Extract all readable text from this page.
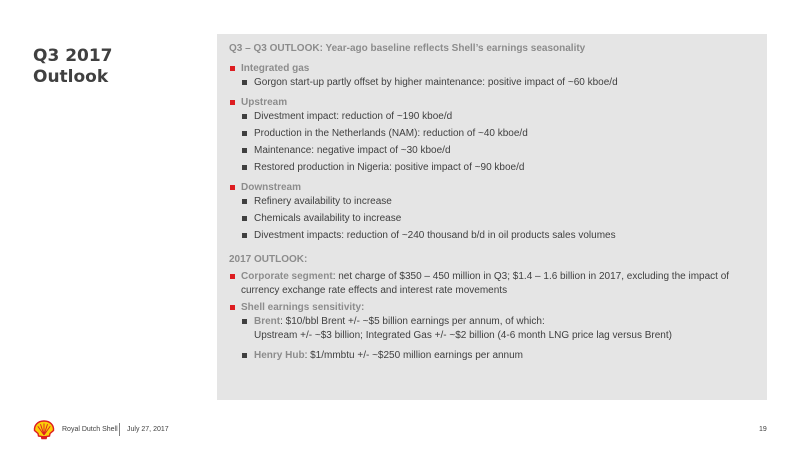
Q3 2017
Outlook
Q3 – Q3 OUTLOOK: Year-ago baseline reflects Shell’s earnings seasonality
Integrated gas
Gorgon start-up partly offset by higher maintenance: positive impact of ~60 kboe/d
Upstream
Divestment impact: reduction of ~190 kboe/d
Production in the Netherlands (NAM): reduction of ~40 kboe/d
Maintenance: negative impact of ~30 kboe/d
Restored production in Nigeria: positive impact of ~90 kboe/d
Downstream
Refinery availability to increase
Chemicals availability to increase
Divestment impacts: reduction of ~240 thousand b/d in oil products sales volumes
2017 OUTLOOK:
Corporate segment: net charge of $350 – 450 million in Q3; $1.4 – 1.6 billion in 2017, excluding the impact of currency exchange rate effects and interest rate movements
Shell earnings sensitivity:
Brent: $10/bbl Brent +/- ~$5 billion earnings per annum, of which:
Upstream +/- ~$3 billion; Integrated Gas +/- ~$2 billion (4-6 month LNG price lag versus Brent)
Henry Hub: $1/mmbtu +/- ~$250 million earnings per annum
Royal Dutch Shell July 27, 2017	19
